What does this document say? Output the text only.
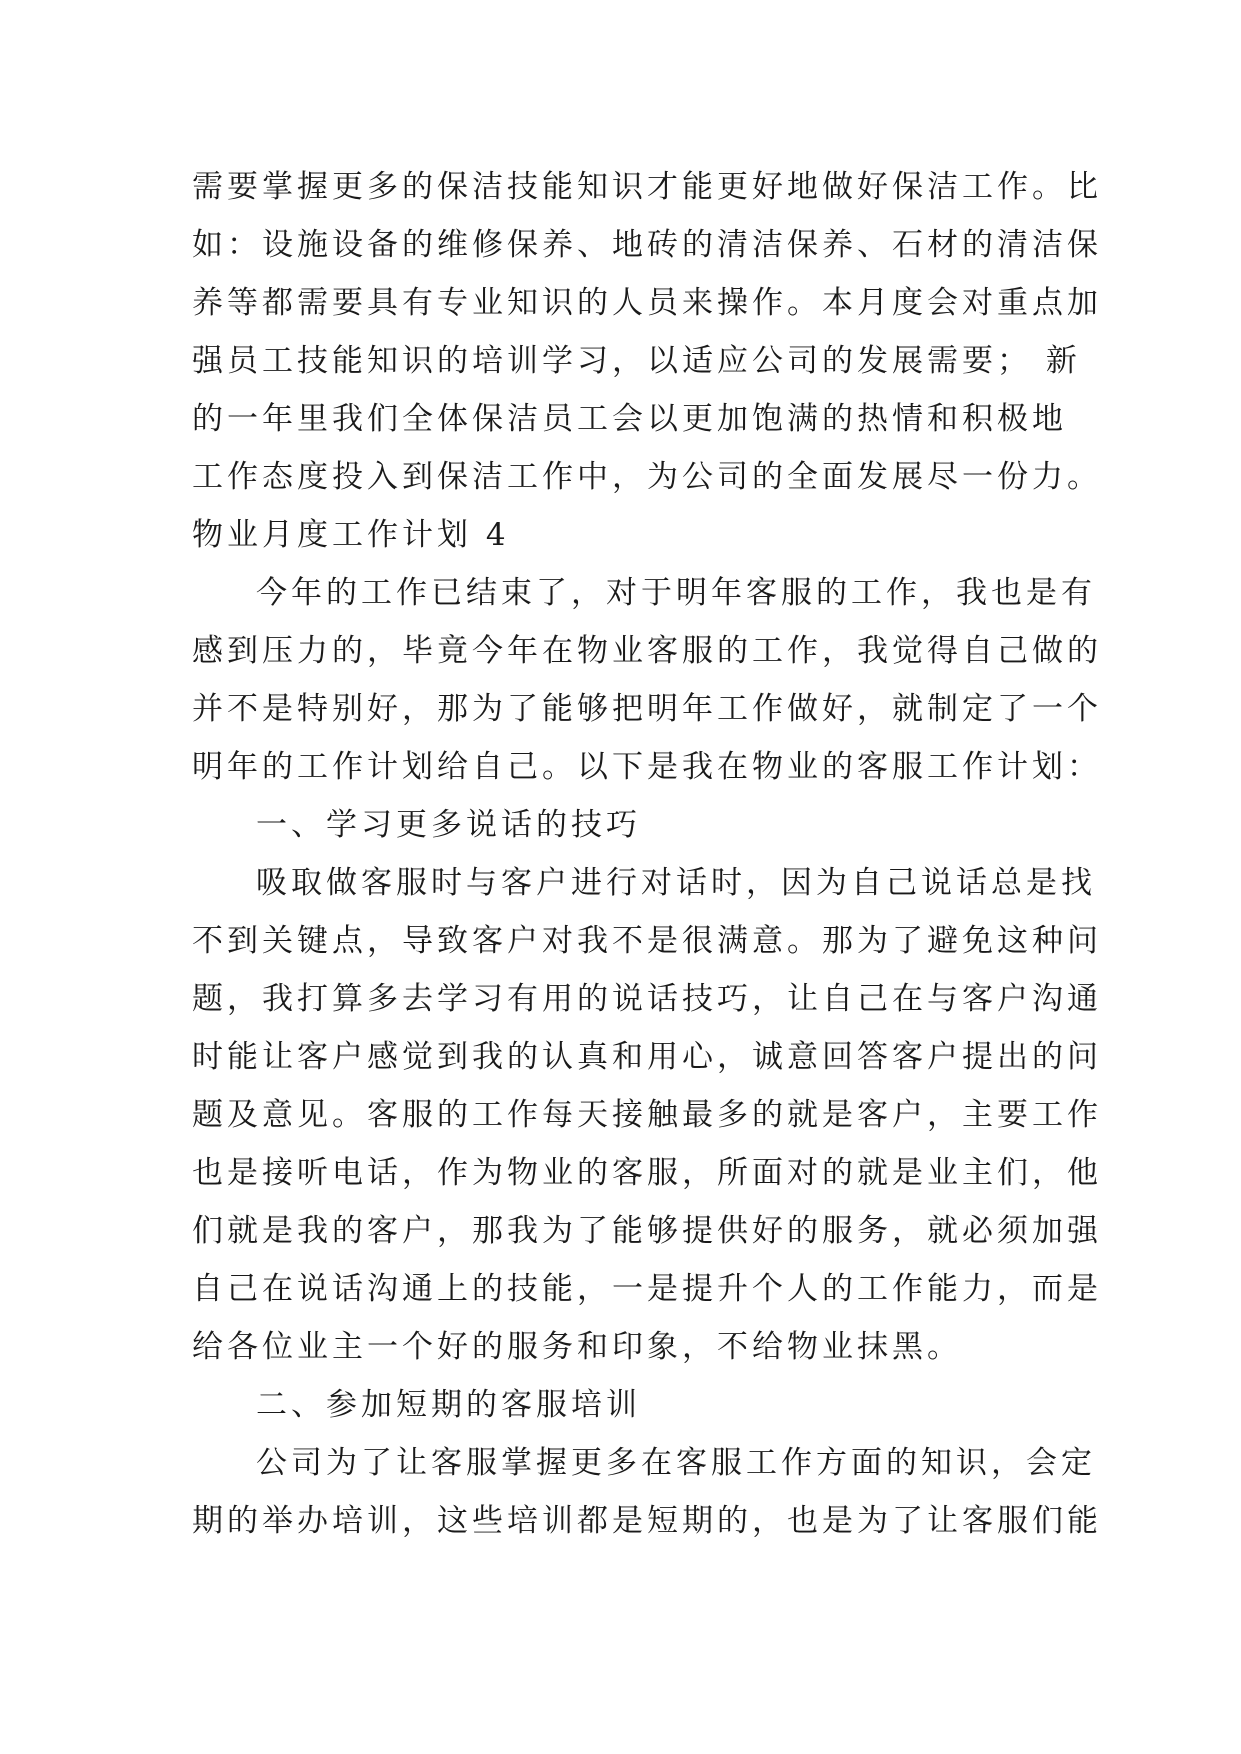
需要掌握更多的保洁技能知识才能更好地做好保洁工作。比
如：设施设备的维修保养、地砖的清洁保养、石材的清洁保
养等都需要具有专业知识的人员来操作。本月度会对重点加
强员工技能知识的培训学习，以适应公司的发展需要； 新
的一年里我们全体保洁员工会以更加饱满的热情和积极地
工作态度投入到保洁工作中，为公司的全面发展尽一份力。
物业月度工作计划 4
今年的工作已结束了，对于明年客服的工作，我也是有
感到压力的，毕竟今年在物业客服的工作，我觉得自己做的
并不是特别好，那为了能够把明年工作做好，就制定了一个
明年的工作计划给自己。以下是我在物业的客服工作计划：
一、学习更多说话的技巧
吸取做客服时与客户进行对话时，因为自己说话总是找
不到关键点，导致客户对我不是很满意。那为了避免这种问
题，我打算多去学习有用的说话技巧，让自己在与客户沟通
时能让客户感觉到我的认真和用心，诚意回答客户提出的问
题及意见。客服的工作每天接触最多的就是客户，主要工作
也是接听电话，作为物业的客服，所面对的就是业主们，他
们就是我的客户，那我为了能够提供好的服务，就必须加强
自己在说话沟通上的技能，一是提升个人的工作能力，而是
给各位业主一个好的服务和印象，不给物业抹黑。
二、参加短期的客服培训
公司为了让客服掌握更多在客服工作方面的知识，会定
期的举办培训，这些培训都是短期的，也是为了让客服们能
